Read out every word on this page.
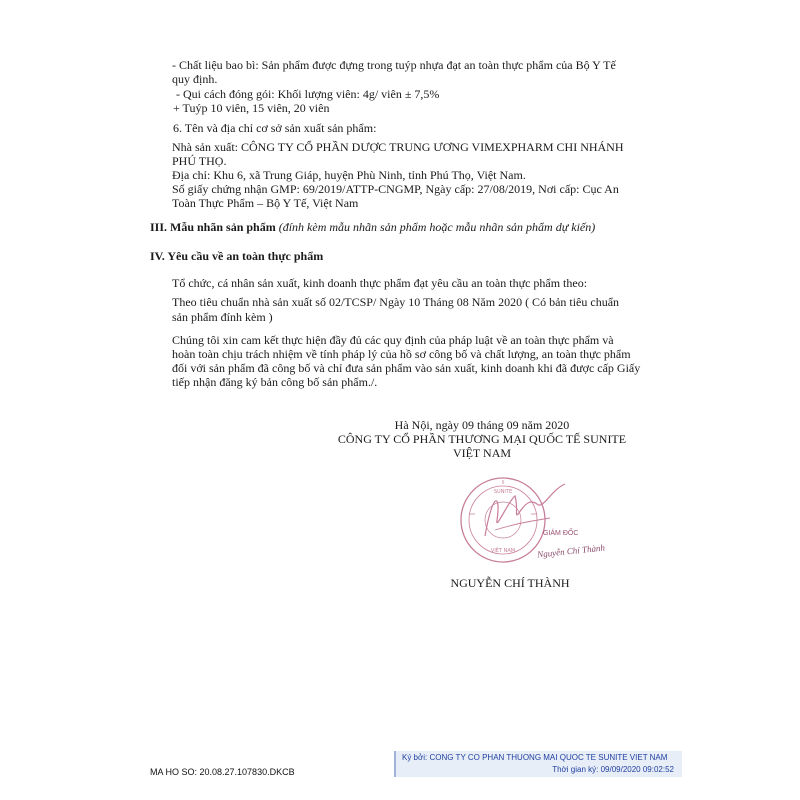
- Chất liệu bao bì: Sản phẩm được đựng trong tuýp nhựa đạt an toàn thực phẩm của Bộ Y Tế
quy định.
- Qui cách đóng gói: Khối lượng viên: 4g/ viên ± 7,5%
+ Tuýp 10 viên, 15 viên, 20 viên
6. Tên và địa chỉ cơ sở sản xuất sản phẩm:
Nhà sản xuất: CÔNG TY CỔ PHẦN DƯỢC TRUNG ƯƠNG VIMEXPHARM CHI NHÁNH
PHÚ THỌ.
Địa chỉ: Khu 6, xã Trung Giáp, huyện Phù Ninh, tỉnh Phú Thọ, Việt Nam.
Số giấy chứng nhận GMP: 69/2019/ATTP-CNGMP, Ngày cấp: 27/08/2019, Nơi cấp: Cục An
Toàn Thực Phẩm – Bộ Y Tế, Việt Nam
III. Mẫu nhãn sản phẩm (đính kèm mẫu nhãn sản phẩm hoặc mẫu nhãn sản phẩm dự kiến)
IV. Yêu cầu về an toàn thực phẩm
Tổ chức, cá nhân sản xuất, kinh doanh thực phẩm đạt yêu cầu an toàn thực phẩm theo:
Theo tiêu chuẩn nhà sản xuất số 02/TCSP/ Ngày 10 Tháng 08 Năm 2020 ( Có bản tiêu chuẩn
sản phẩm đính kèm )
Chúng tôi xin cam kết thực hiện đầy đủ các quy định của pháp luật về an toàn thực phẩm và
hoàn toàn chịu trách nhiệm về tính pháp lý của hồ sơ công bố và chất lượng, an toàn thực phẩm
đối với sản phẩm đã công bố và chỉ đưa sản phẩm vào sản xuất, kinh doanh khi đã được cấp Giấy
tiếp nhận đăng ký bản công bố sản phẩm./.
Hà Nội, ngày 09 tháng 09 năm 2020
CÔNG TY CỔ PHẦN THƯƠNG MẠI QUỐC TẾ SUNITE
VIỆT NAM
SUNITE
VIỆT NAM
GIÁM ĐỐC
Nguyễn Chí Thành
NGUYỄN CHÍ THÀNH
MA HO SO: 20.08.27.107830.DKCB
Ký bởi: CONG TY CO PHAN THUONG MAI QUOC TE SUNITE VIET NAM
Thời gian ký: 09/09/2020 09:02:52
